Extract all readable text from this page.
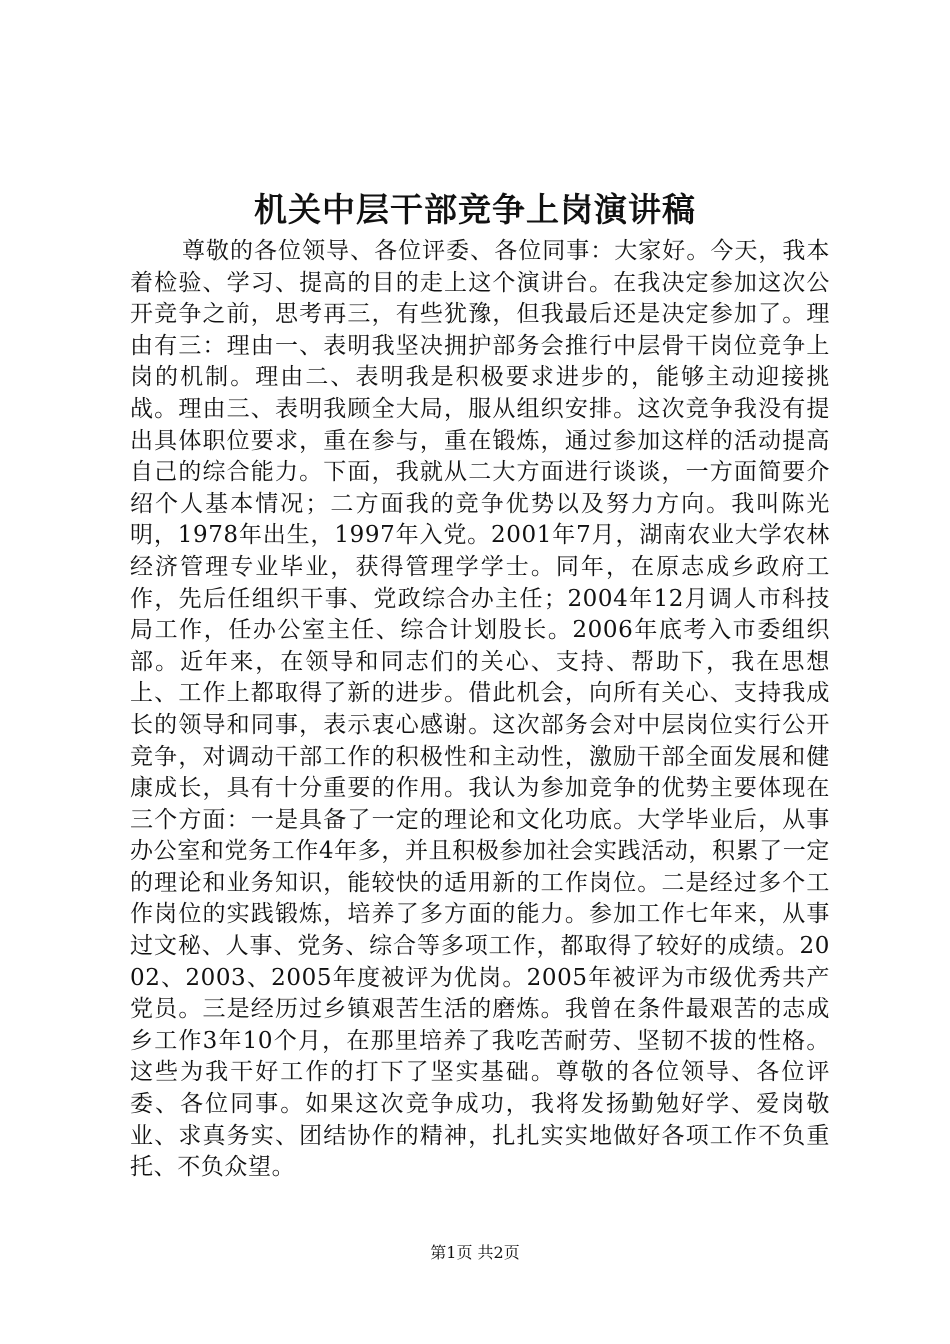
机关中层干部竞争上岗演讲稿

尊敬的各位领导、各位评委、各位同事：大家好。今天，我本着检验、学习、提高的目的走上这个演讲台。在我决定参加这次公开竞争之前，思考再三，有些犹豫，但我最后还是决定参加了。理由有三：理由一、表明我坚决拥护部务会推行中层骨干岗位竞争上岗的机制。理由二、表明我是积极要求进步的，能够主动迎接挑战。理由三、表明我顾全大局，服从组织安排。这次竞争我没有提出具体职位要求，重在参与，重在锻炼，通过参加这样的活动提高自己的综合能力。下面，我就从二大方面进行谈谈，一方面简要介绍个人基本情况；二方面我的竞争优势以及努力方向。我叫陈光明，1978年出生，1997年入党。2001年7月，湖南农业大学农林经济管理专业毕业，获得管理学学士。同年，在原志成乡政府工作，先后任组织干事、党政综合办主任；2004年12月调人市科技局工作，任办公室主任、综合计划股长。2006年底考入市委组织部。近年来，在领导和同志们的关心、支持、帮助下，我在思想上、工作上都取得了新的进步。借此机会，向所有关心、支持我成长的领导和同事，表示衷心感谢。这次部务会对中层岗位实行公开竞争，对调动干部工作的积极性和主动性，激励干部全面发展和健康成长，具有十分重要的作用。我认为参加竞争的优势主要体现在三个方面：一是具备了一定的理论和文化功底。大学毕业后，从事办公室和党务工作4年多，并且积极参加社会实践活动，积累了一定的理论和业务知识，能较快的适用新的工作岗位。二是经过多个工作岗位的实践锻炼，培养了多方面的能力。参加工作七年来，从事过文秘、人事、党务、综合等多项工作，都取得了较好的成绩。2002、2003、2005年度被评为优岗。2005年被评为市级优秀共产党员。三是经历过乡镇艰苦生活的磨炼。我曾在条件最艰苦的志成乡工作3年10个月，在那里培养了我吃苦耐劳、坚韧不拔的性格。这些为我干好工作的打下了坚实基础。尊敬的各位领导、各位评委、各位同事。如果这次竞争成功，我将发扬勤勉好学、爱岗敬业、求真务实、团结协作的精神，扎扎实实地做好各项工作不负重托、不负众望。

第1页 共2页
